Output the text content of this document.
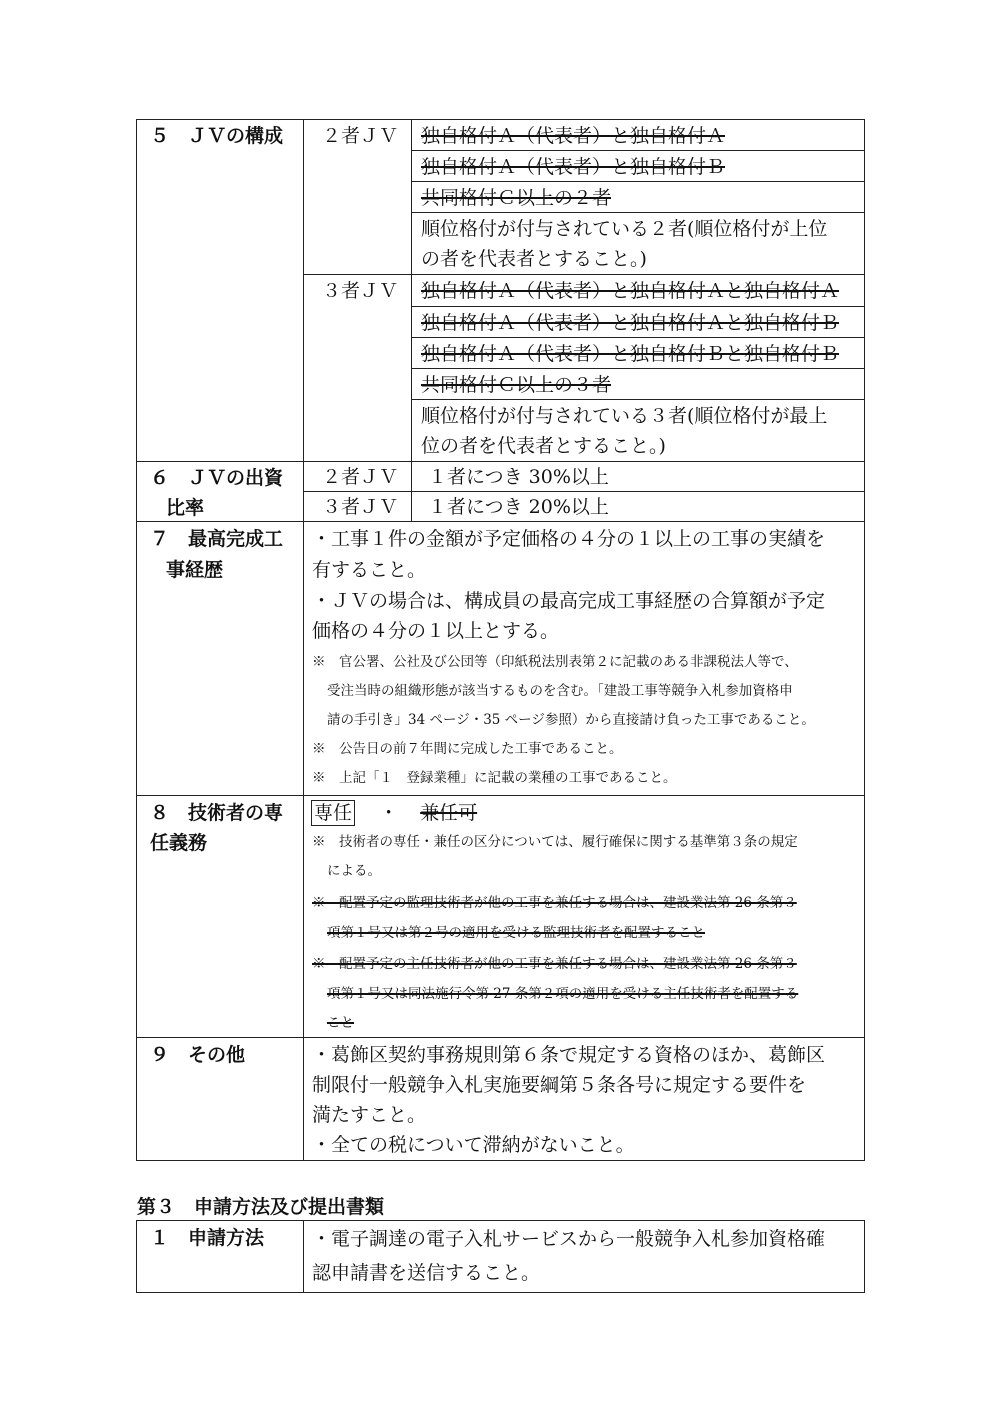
５　ＪＶの構成 ２者ＪＶ 独自格付Ａ（代表者）と独自格付Ａ
独自格付Ａ（代表者）と独自格付Ｂ
共同格付Ｃ以上の２者
順位格付が付与されている２者(順位格付が上位
の者を代表者とすること。)
３者ＪＶ 独自格付Ａ（代表者）と独自格付Ａと独自格付Ａ
独自格付Ａ（代表者）と独自格付Ａと独自格付Ｂ
独自格付Ａ（代表者）と独自格付Ｂと独自格付Ｂ
共同格付Ｃ以上の３者
順位格付が付与されている３者(順位格付が最上
位の者を代表者とすること。)
６　ＪＶの出資
比率
２者ＪＶ １者につき 30%以上
３者ＪＶ １者につき 20%以上
７　最高完成工
事経歴
・工事１件の金額が予定価格の４分の１以上の工事の実績を
有すること。
・ＪＶの場合は、構成員の最高完成工事経歴の合算額が予定
価格の４分の１以上とする。
※　官公署、公社及び公団等（印紙税法別表第２に記載のある非課税法人等で、
受注当時の組織形態が該当するものを含む。「建設工事等競争入札参加資格申
請の手引き」34 ページ・35 ページ参照）から直接請け負った工事であること。
※　公告日の前７年間に完成した工事であること。
※　上記「１　登録業種」に記載の業種の工事であること。
８　技術者の専
任義務
専任 ・ 兼任可
※　技術者の専任・兼任の区分については、履行確保に関する基準第３条の規定
による。
※　配置予定の監理技術者が他の工事を兼任する場合は、建設業法第 26 条第３
項第１号又は第２号の適用を受ける監理技術者を配置すること
※　配置予定の主任技術者が他の工事を兼任する場合は、建設業法第 26 条第３
項第１号又は同法施行令第 27 条第２項の適用を受ける主任技術者を配置する
こと
９　その他	・葛飾区契約事務規則第６条で規定する資格のほか、葛飾区
制限付一般競争入札実施要綱第５条各号に規定する要件を
満たすこと。
・全ての税について滞納がないこと。
第３　申請方法及び提出書類
１　申請方法	・電子調達の電子入札サービスから一般競争入札参加資格確
認申請書を送信すること。
